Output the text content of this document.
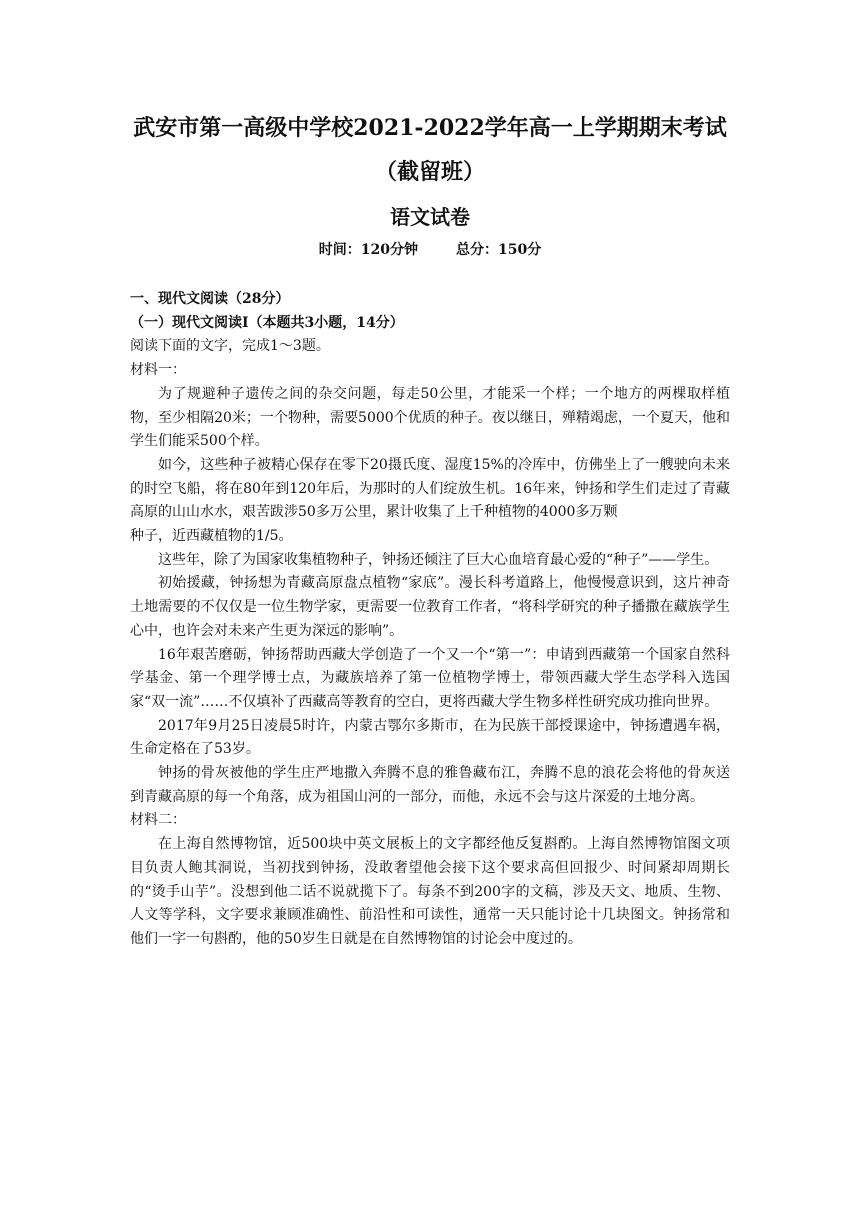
武安市第一高级中学校2021-2022学年高一上学期期末考试
（截留班）
语文试卷
时间：120分钟	总分：150分

一、现代文阅读（28分）

（一）现代文阅读Ⅰ（本题共3小题，14分）

阅读下面的文字，完成1～3题。

材料一：

为了规避种子遗传之间的杂交问题，每走50公里，才能采一个样；一个地方的两棵取样植物，至少相隔20米；一个物种，需要5000个优质的种子。夜以继日，殚精竭虑，一个夏天，他和学生们能采500个样。

如今，这些种子被精心保存在零下20摄氏度、湿度15%的冷库中，仿佛坐上了一艘驶向未来的时空飞船，将在80年到120年后，为那时的人们绽放生机。16年来，钟扬和学生们走过了青藏高原的山山水水，艰苦跋涉50多万公里，累计收集了上千种植物的4000多万颗

种子，近西藏植物的1/5。

这些年，除了为国家收集植物种子，钟扬还倾注了巨大心血培育最心爱的“种子”——学生。

初始援藏，钟扬想为青藏高原盘点植物“家底”。漫长科考道路上，他慢慢意识到，这片神奇土地需要的不仅仅是一位生物学家，更需要一位教育工作者，“将科学研究的种子播撒在藏族学生心中，也许会对未来产生更为深远的影响”。

16年艰苦磨砺，钟扬帮助西藏大学创造了一个又一个“第一”：申请到西藏第一个国家自然科学基金、第一个理学博士点，为藏族培养了第一位植物学博士，带领西藏大学生态学科入选国家“双一流”……不仅填补了西藏高等教育的空白，更将西藏大学生物多样性研究成功推向世界。

2017年9月25日凌晨5时许，内蒙古鄂尔多斯市，在为民族干部授课途中，钟扬遭遇车祸，生命定格在了53岁。

钟扬的骨灰被他的学生庄严地撒入奔腾不息的雅鲁藏布江，奔腾不息的浪花会将他的骨灰送到青藏高原的每一个角落，成为祖国山河的一部分，而他，永远不会与这片深爱的土地分离。

材料二：

在上海自然博物馆，近500块中英文展板上的文字都经他反复斟酌。上海自然博物馆图文项目负责人鲍其洞说，当初找到钟扬，没敢奢望他会接下这个要求高但回报少、时间紧却周期长的“烫手山芋”。没想到他二话不说就揽下了。每条不到200字的文稿，涉及天文、地质、生物、人文等学科，文字要求兼顾准确性、前沿性和可读性，通常一天只能讨论十几块图文。钟扬常和他们一字一句斟酌，他的50岁生日就是在自然博物馆的讨论会中度过的。
